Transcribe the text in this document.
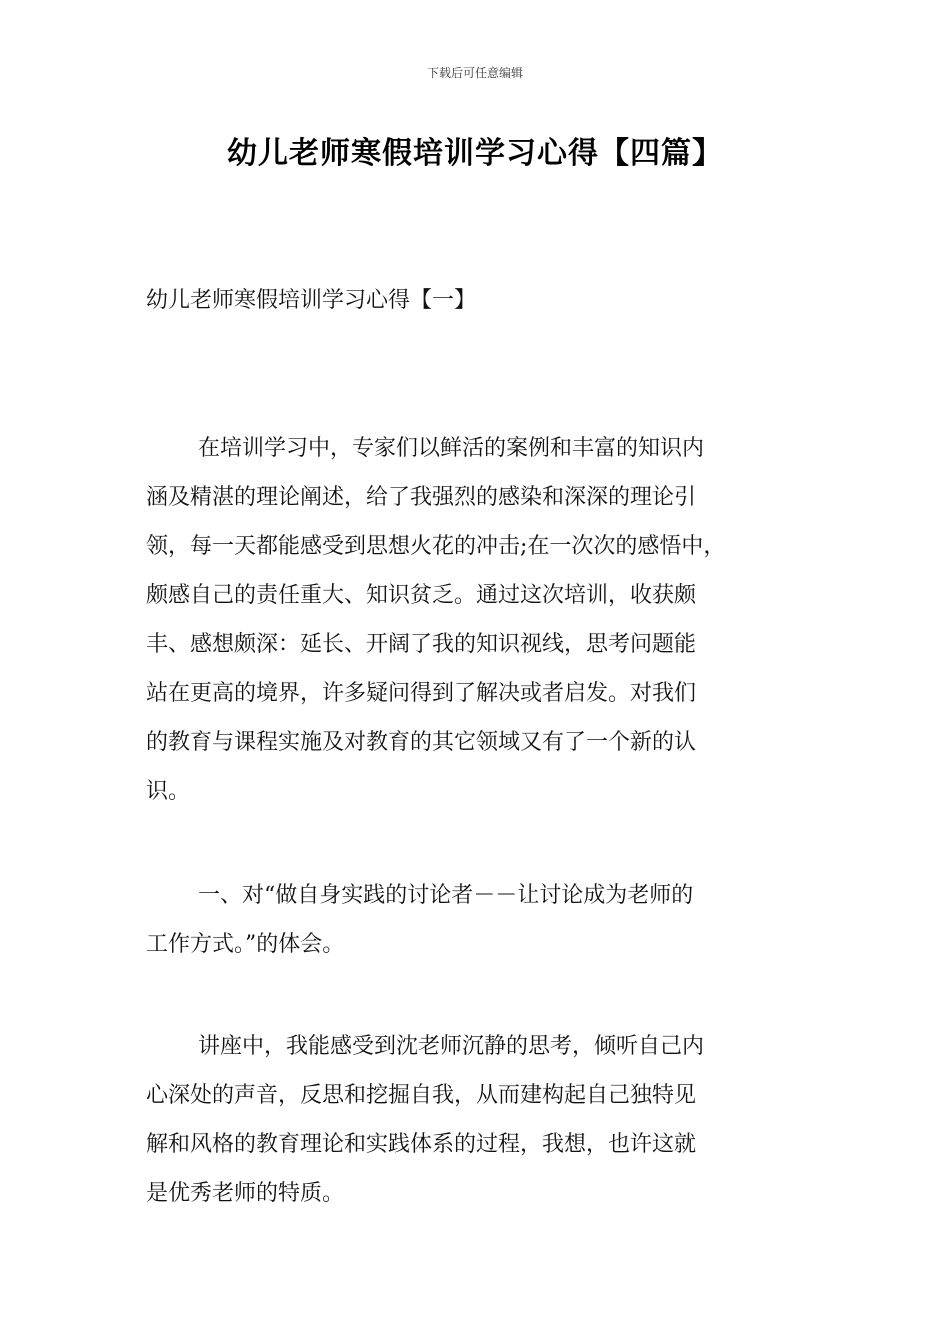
下载后可任意编辑
幼儿老师寒假培训学习心得【四篇】
幼儿老师寒假培训学习心得【一】
在培训学习中，专家们以鲜活的案例和丰富的知识内
涵及精湛的理论阐述，给了我强烈的感染和深深的理论引
领，每一天都能感受到思想火花的冲击;在一次次的感悟中，
颇感自己的责任重大、知识贫乏。通过这次培训，收获颇
丰、感想颇深：延长、开阔了我的知识视线，思考问题能
站在更高的境界，许多疑问得到了解决或者启发。对我们
的教育与课程实施及对教育的其它领域又有了一个新的认
识。
一、对“做自身实践的讨论者－－让讨论成为老师的
工作方式。”的体会。
讲座中，我能感受到沈老师沉静的思考，倾听自己内
心深处的声音，反思和挖掘自我，从而建构起自己独特见
解和风格的教育理论和实践体系的过程，我想，也许这就
是优秀老师的特质。
